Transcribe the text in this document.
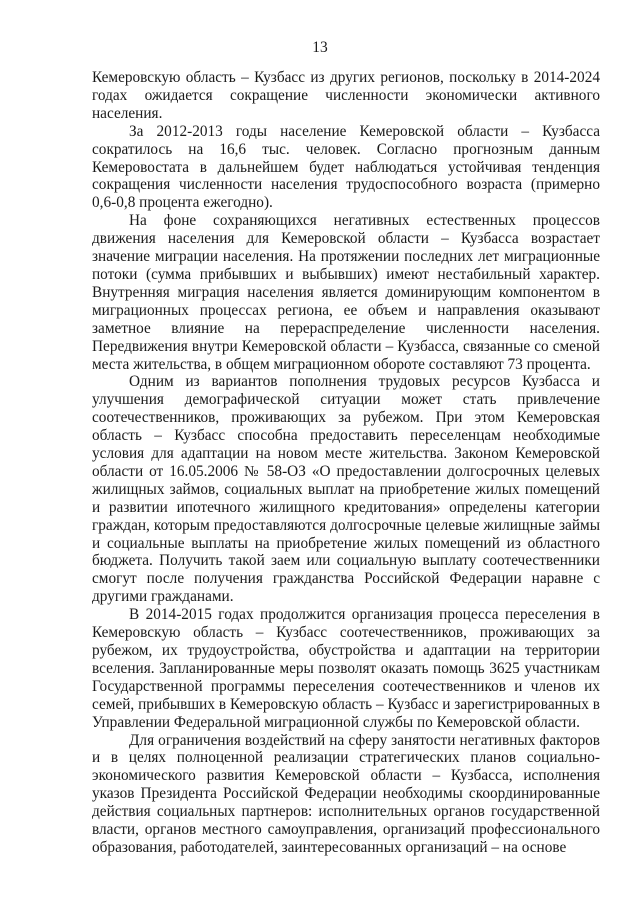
13

Кемеровскую область – Кузбасс из других регионов, поскольку в 2014-2024 годах ожидается сокращение численности экономически активного населения.

За 2012-2013 годы население Кемеровской области – Кузбасса сократилось на 16,6 тыс. человек. Согласно прогнозным данным Кемеровостата в дальнейшем будет наблюдаться устойчивая тенденция сокращения численности населения трудоспособного возраста (примерно 0,6-0,8 процента ежегодно).

На фоне сохраняющихся негативных естественных процессов движения населения для Кемеровской области – Кузбасса возрастает значение миграции населения. На протяжении последних лет миграционные потоки (сумма прибывших и выбывших) имеют нестабильный характер. Внутренняя миграция населения является доминирующим компонентом в миграционных процессах региона, ее объем и направления оказывают заметное влияние на перераспределение численности населения. Передвижения внутри Кемеровской области – Кузбасса, связанные со сменой места жительства, в общем миграционном обороте составляют 73 процента.

Одним из вариантов пополнения трудовых ресурсов Кузбасса и улучшения демографической ситуации может стать привлечение соотечественников, проживающих за рубежом. При этом Кемеровская область – Кузбасс способна предоставить переселенцам необходимые условия для адаптации на новом месте жительства. Законом Кемеровской области от 16.05.2006 № 58-ОЗ «О предоставлении долгосрочных целевых жилищных займов, социальных выплат на приобретение жилых помещений и развитии ипотечного жилищного кредитования» определены категории граждан, которым предоставляются долгосрочные целевые жилищные займы и социальные выплаты на приобретение жилых помещений из областного бюджета. Получить такой заем или социальную выплату соотечественники смогут после получения гражданства Российской Федерации наравне с другими гражданами.

В 2014-2015 годах продолжится организация процесса переселения в Кемеровскую область – Кузбасс соотечественников, проживающих за рубежом, их трудоустройства, обустройства и адаптации на территории вселения. Запланированные меры позволят оказать помощь 3625 участникам Государственной программы переселения соотечественников и членов их семей, прибывших в Кемеровскую область – Кузбасс и зарегистрированных в Управлении Федеральной миграционной службы по Кемеровской области.

Для ограничения воздействий на сферу занятости негативных факторов и в целях полноценной реализации стратегических планов социально-экономического развития Кемеровской области – Кузбасса, исполнения указов Президента Российской Федерации необходимы скоординированные действия социальных партнеров: исполнительных органов государственной власти, органов местного самоуправления, организаций профессионального образования, работодателей, заинтересованных организаций – на основе
